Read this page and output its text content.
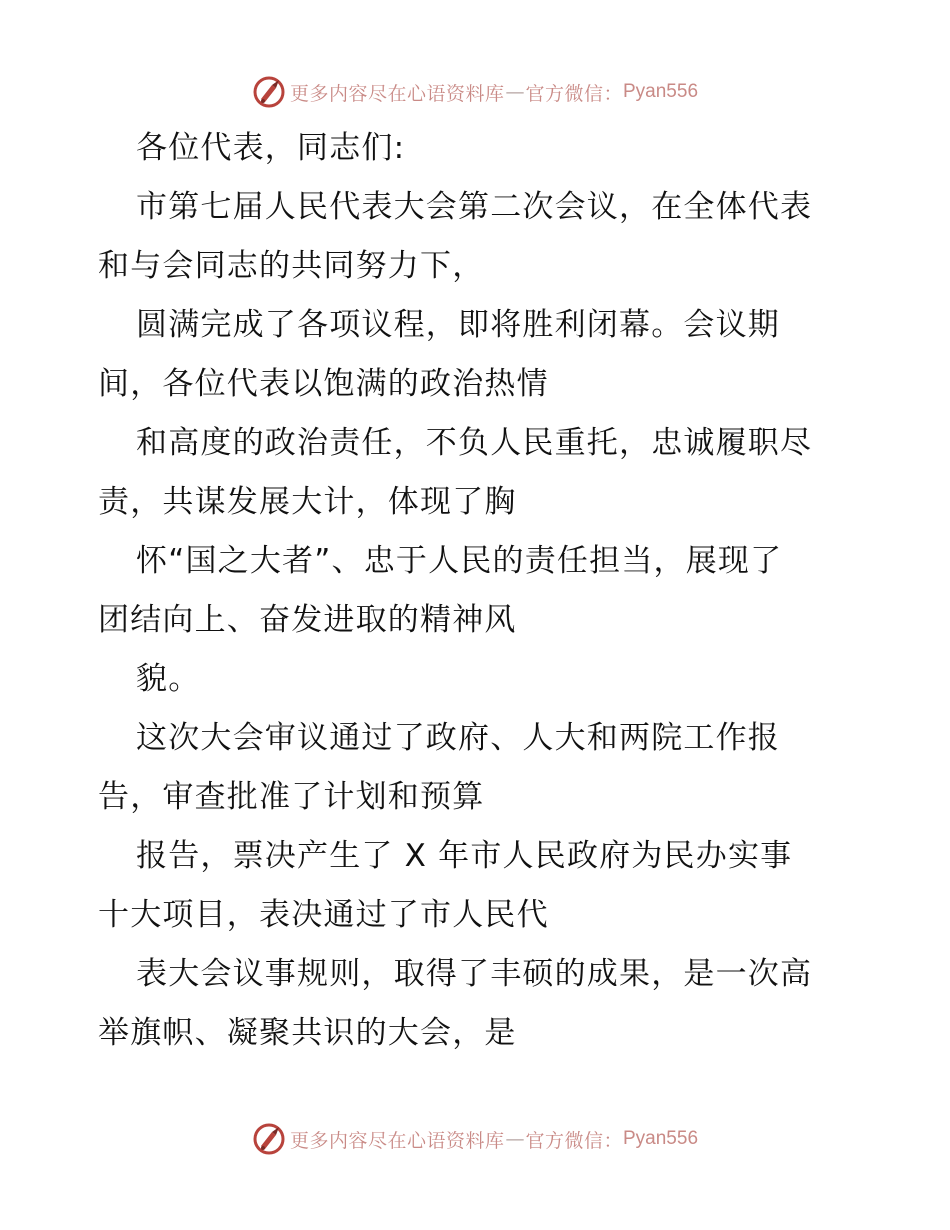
更多内容尽在心语资料库 — 官方微信： Pyan556
各位代表，同志们:
市第七届人民代表大会第二次会议，在全体代表
和与会同志的共同努力下，
圆满完成了各项议程，即将胜利闭幕。会议期
间，各位代表以饱满的政治热情
和高度的政治责任，不负人民重托，忠诚履职尽
责，共谋发展大计，体现了胸
怀“国之大者”、忠于人民的责任担当，展现了
团结向上、奋发进取的精神风
貌。
这次大会审议通过了政府、人大和两院工作报
告，审查批准了计划和预算
报告，票决产生了 X 年市人民政府为民办实事
十大项目，表决通过了市人民代
表大会议事规则，取得了丰硕的成果，是一次高
举旗帜、凝聚共识的大会，是
更多内容尽在心语资料库 — 官方微信： Pyan556
